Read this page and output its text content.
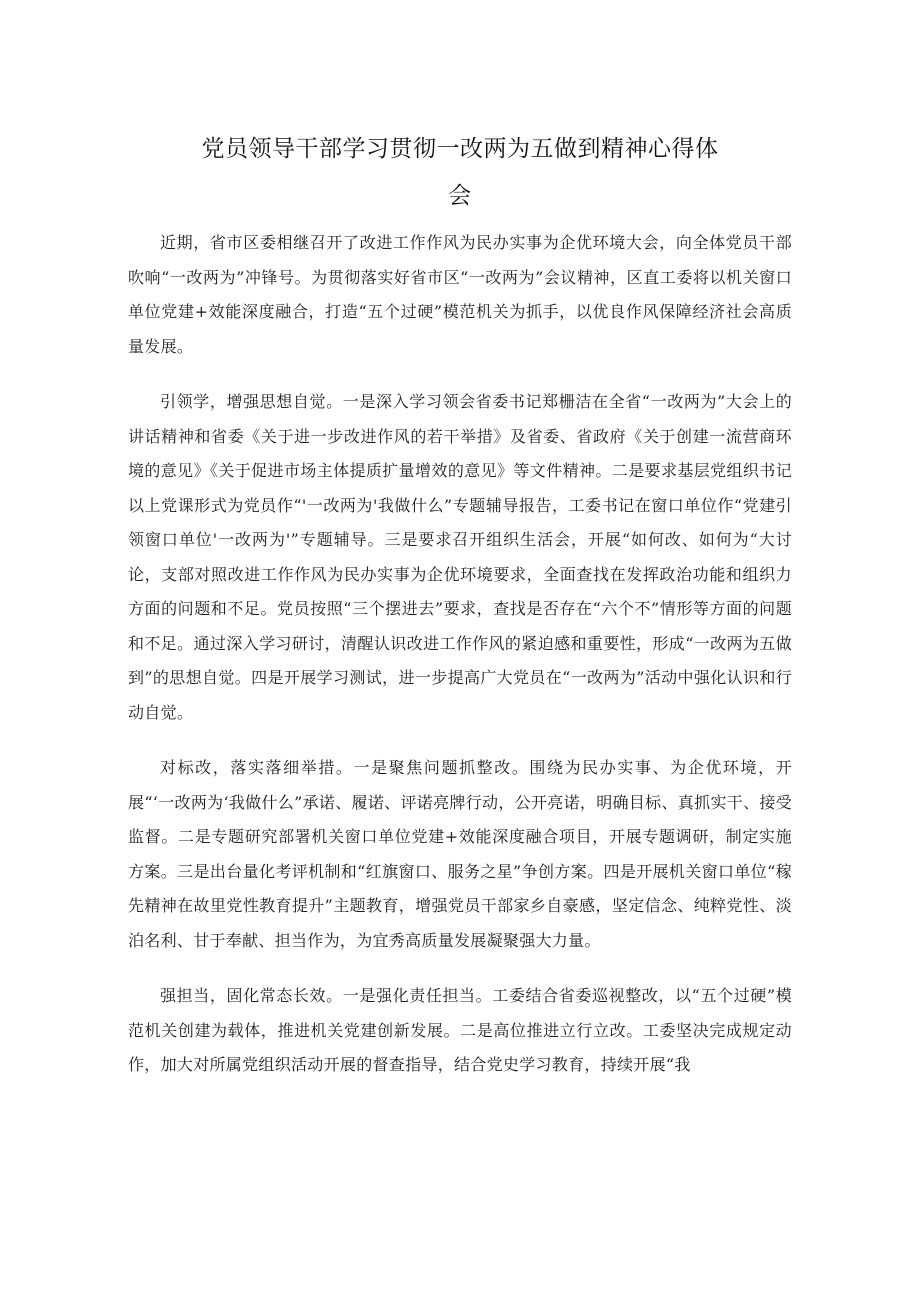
党员领导干部学习贯彻一改两为五做到精神心得体
会

近期，省市区委相继召开了改进工作作风为民办实事为企优环境大会，向全体党员干部吹响“一改两为”冲锋号。为贯彻落实好省市区“一改两为”会议精神，区直工委将以机关窗口单位党建+效能深度融合，打造“五个过硬”模范机关为抓手，以优良作风保障经济社会高质量发展。

引领学，增强思想自觉。一是深入学习领会省委书记郑栅洁在全省“一改两为”大会上的讲话精神和省委《关于进一步改进作风的若干举措》及省委、省政府《关于创建一流营商环境的意见》《关于促进市场主体提质扩量增效的意见》等文件精神。二是要求基层党组织书记以上党课形式为党员作“'一改两为'我做什么”专题辅导报告，工委书记在窗口单位作“党建引领窗口单位'一改两为'”专题辅导。三是要求召开组织生活会，开展“如何改、如何为“大讨论，支部对照改进工作作风为民办实事为企优环境要求，全面查找在发挥政治功能和组织力方面的问题和不足。党员按照“三个摆进去”要求，查找是否存在“六个不”情形等方面的问题和不足。通过深入学习研讨，清醒认识改进工作作风的紧迫感和重要性，形成“一改两为五做到”的思想自觉。四是开展学习测试，进一步提高广大党员在“一改两为”活动中强化认识和行动自觉。

对标改，落实落细举措。一是聚焦问题抓整改。围绕为民办实事、为企优环境，开展“‘一改两为‘我做什么”承诺、履诺、评诺亮牌行动，公开亮诺，明确目标、真抓实干、接受监督。二是专题研究部署机关窗口单位党建+效能深度融合项目，开展专题调研，制定实施方案。三是出台量化考评机制和“红旗窗口、服务之星”争创方案。四是开展机关窗口单位“稼先精神在故里党性教育提升”主题教育，增强党员干部家乡自豪感，坚定信念、纯粹党性、淡泊名利、甘于奉献、担当作为，为宜秀高质量发展凝聚强大力量。

强担当，固化常态长效。一是强化责任担当。工委结合省委巡视整改，以“五个过硬”模范机关创建为载体，推进机关党建创新发展。二是高位推进立行立改。工委坚决完成规定动作，加大对所属党组织活动开展的督查指导，结合党史学习教育，持续开展“我
